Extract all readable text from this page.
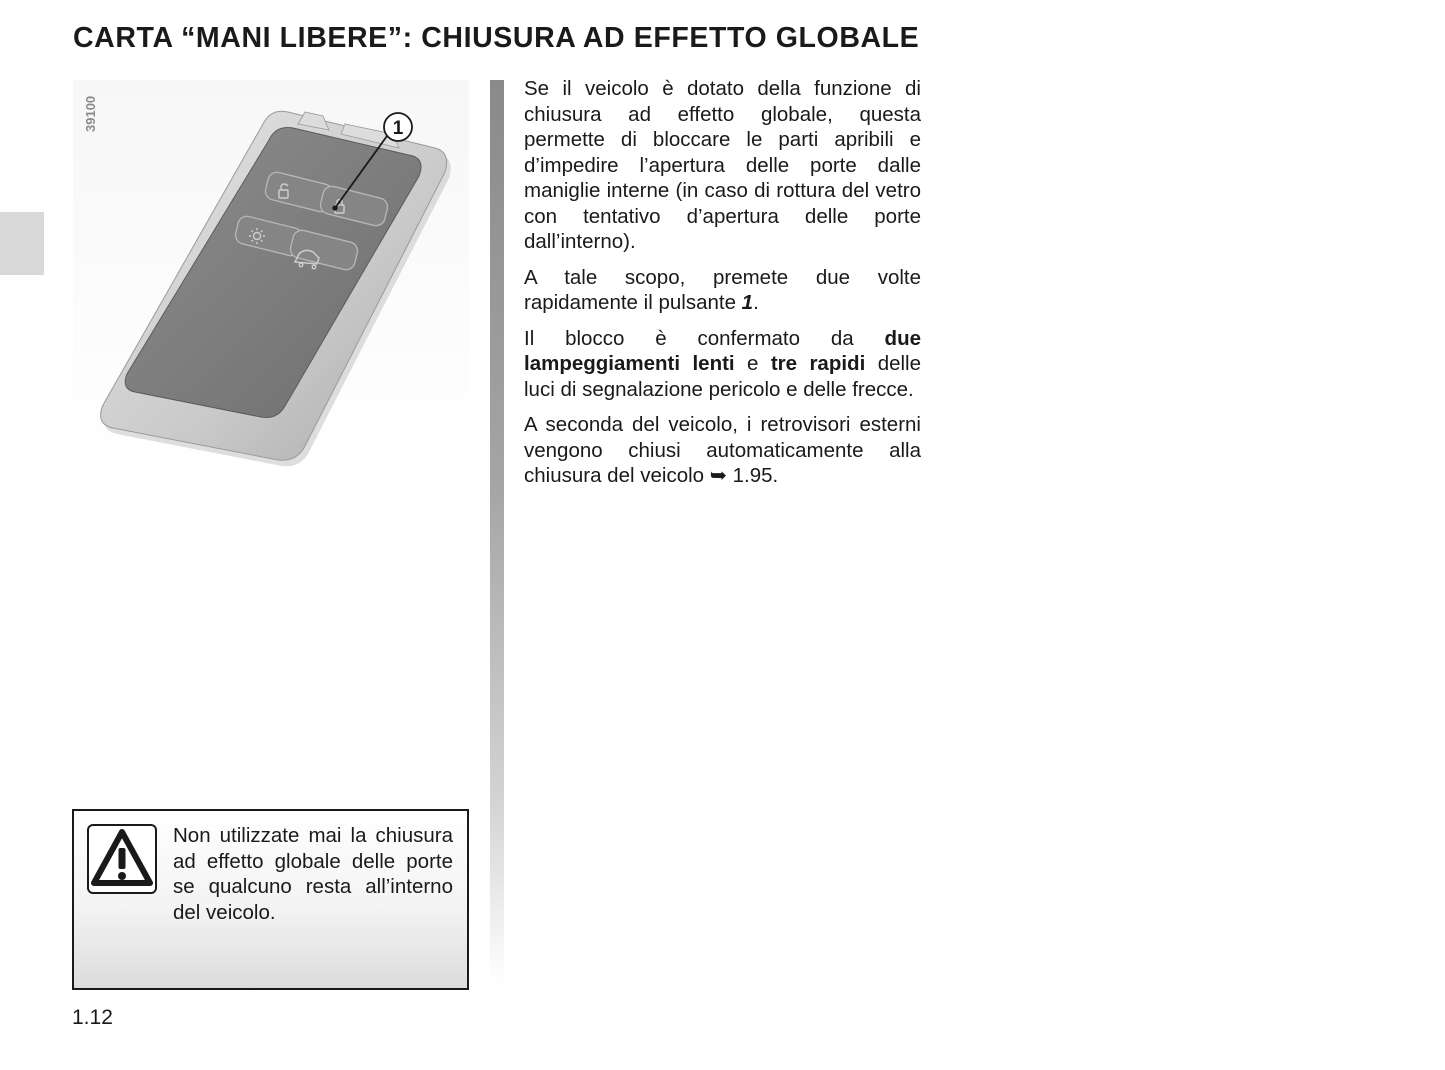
CARTA “MANI LIBERE”: CHIUSURA AD EFFETTO GLOBALE
39100	1

Se il veicolo è dotato della funzione di chiusura ad effetto globale, questa permette di bloccare le parti apribili e d’impedire l’apertura delle porte dalle maniglie interne (in caso di rottura del vetro con tentativo d’apertura delle porte dall’interno).

A tale scopo, premete due volte rapidamente il pulsante 1.

Il blocco è confermato da due lampeggiamenti lenti e tre rapidi delle luci di segnalazione pericolo e delle frecce.

A seconda del veicolo, i retrovisori esterni vengono chiusi automaticamente alla chiusura del veicolo ➥ 1.95.

Non utilizzate mai la chiusura ad effetto globale delle porte se qualcuno resta all’interno del veicolo.

1.12
